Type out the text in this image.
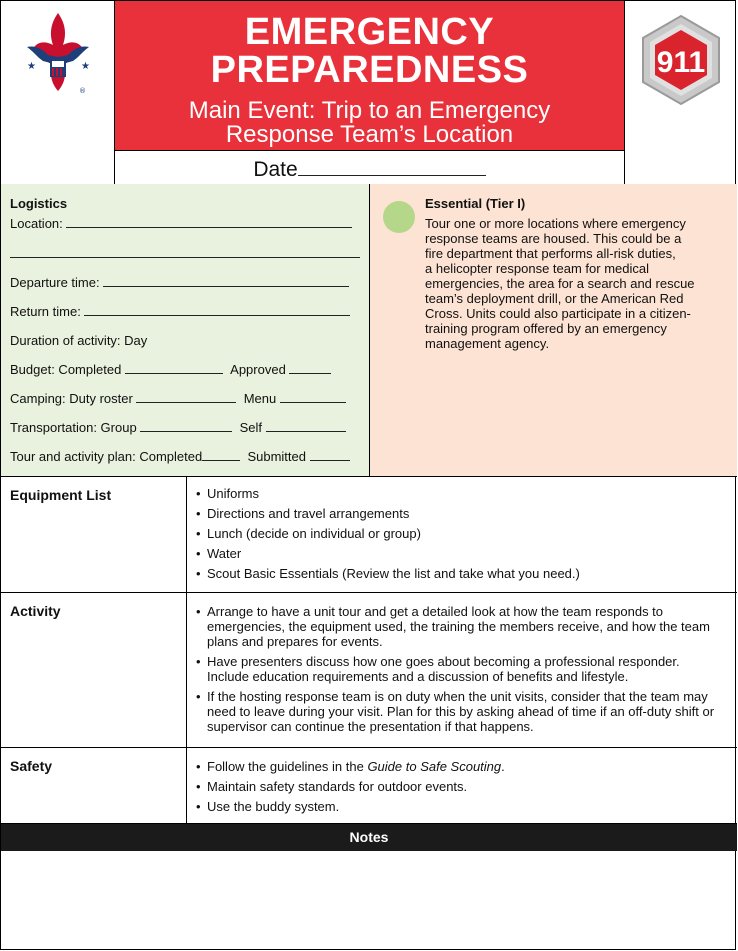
★	★
®
EMERGENCY
PREPAREDNESS
Main Event: Trip to an Emergency
Response Team’s Location
Date
911
Logistics
Location:
Departure time:
Return time:
Duration of activity: Day
Budget: Completed	Approved
Camping: Duty roster	Menu
Transportation: Group	Self
Tour and activity plan: Completed	Submitted
Essential (Tier I)
Tour one or more locations where emergency
response teams are housed. This could be a
fire department that performs all-risk duties,
a helicopter response team for medical
emergencies, the area for a search and rescue
team’s deployment drill, or the American Red
Cross. Units could also participate in a citizen-
training program offered by an emergency
management agency.
Equipment List	• Uniforms
• Directions and travel arrangements
• Lunch (decide on individual or group)
• Water
• Scout Basic Essentials (Review the list and take what you need.)
Activity	• Arrange to have a unit tour and get a detailed look at how the team responds to emergencies, the equipment used, the training the members receive, and how the team plans and prepares for events.
• Have presenters discuss how one goes about becoming a professional responder. Include education requirements and a discussion of benefits and lifestyle.
• If the hosting response team is on duty when the unit visits, consider that the team may need to leave during your visit. Plan for this by asking ahead of time if an off-duty shift or supervisor can continue the presentation if that happens.
Safety	• Follow the guidelines in the Guide to Safe Scouting.
• Maintain safety standards for outdoor events.
• Use the buddy system.
Notes
